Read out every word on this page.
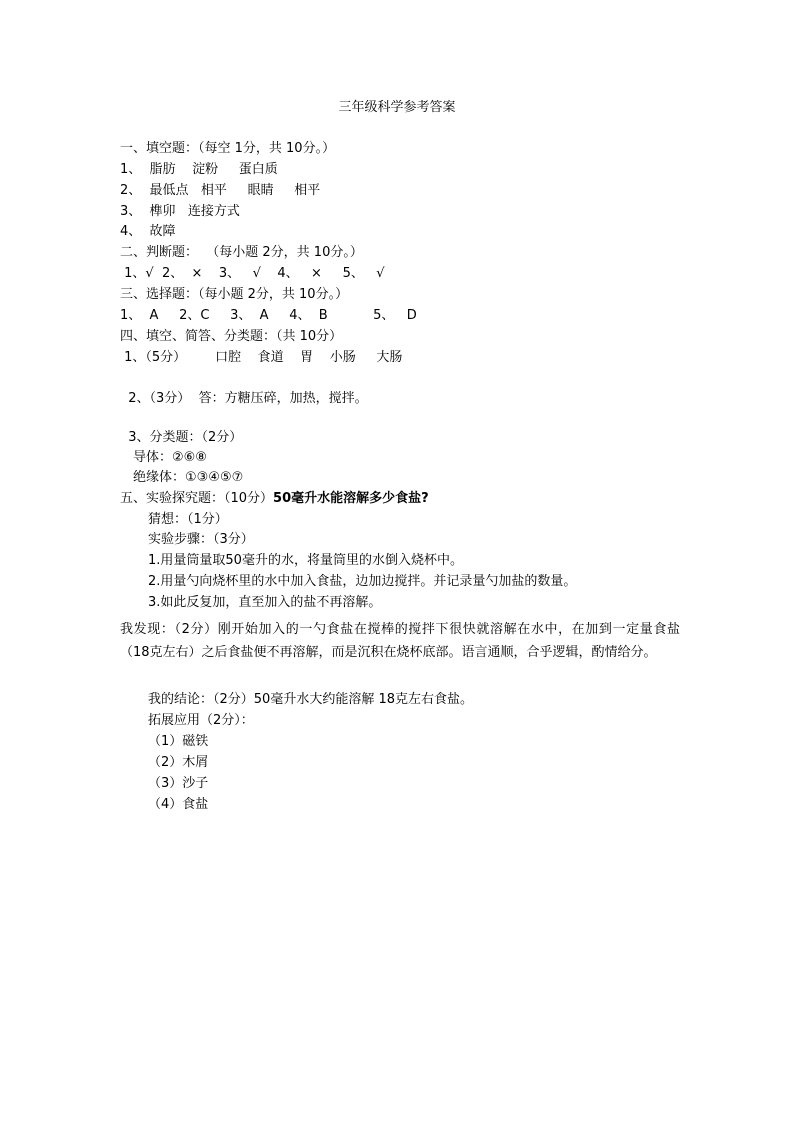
三年级科学参考答案
一、填空题：（每空 1分，共 10分。）
1、  脂肪    淀粉     蛋白质
2、  最低点   相平     眼睛     相平
3、  榫卯   连接方式
4、  故障
二、判断题：  （每小题 2分，共 10分。）
1、√  2、  ×    3、   √    4、   ×     5、   √
三、选择题：（每小题 2分，共 10分。）
1、  A     2、C     3、  A     4、  B           5、   D
四、填空、简答、分类题：（共 10分）
1、（5分）       口腔    食道    胃    小肠     大肠
2、（3分）  答：方糖压碎，加热，搅拌。
3、分类题：（2分）
导体：②⑥⑧
绝缘体：①③④⑤⑦
五、实验探究题：（10分）50毫升水能溶解多少食盐?
猜想：（1分）
实验步骤：（3分）
1.用量筒量取50毫升的水，将量筒里的水倒入烧杯中。
2.用量勺向烧杯里的水中加入食盐，边加边搅拌。并记录量勺加盐的数量。
3.如此反复加，直至加入的盐不再溶解。
我发现：（2分）刚开始加入的一勺食盐在搅棒的搅拌下很快就溶解在水中，在加到一定量食盐（18克左右）之后食盐便不再溶解，而是沉积在烧杯底部。语言通顺，合乎逻辑，酌情给分。
我的结论：（2分）50毫升水大约能溶解 18克左右食盐。
拓展应用（2分）：
（1）磁铁
（2）木屑
（3）沙子
（4）食盐
